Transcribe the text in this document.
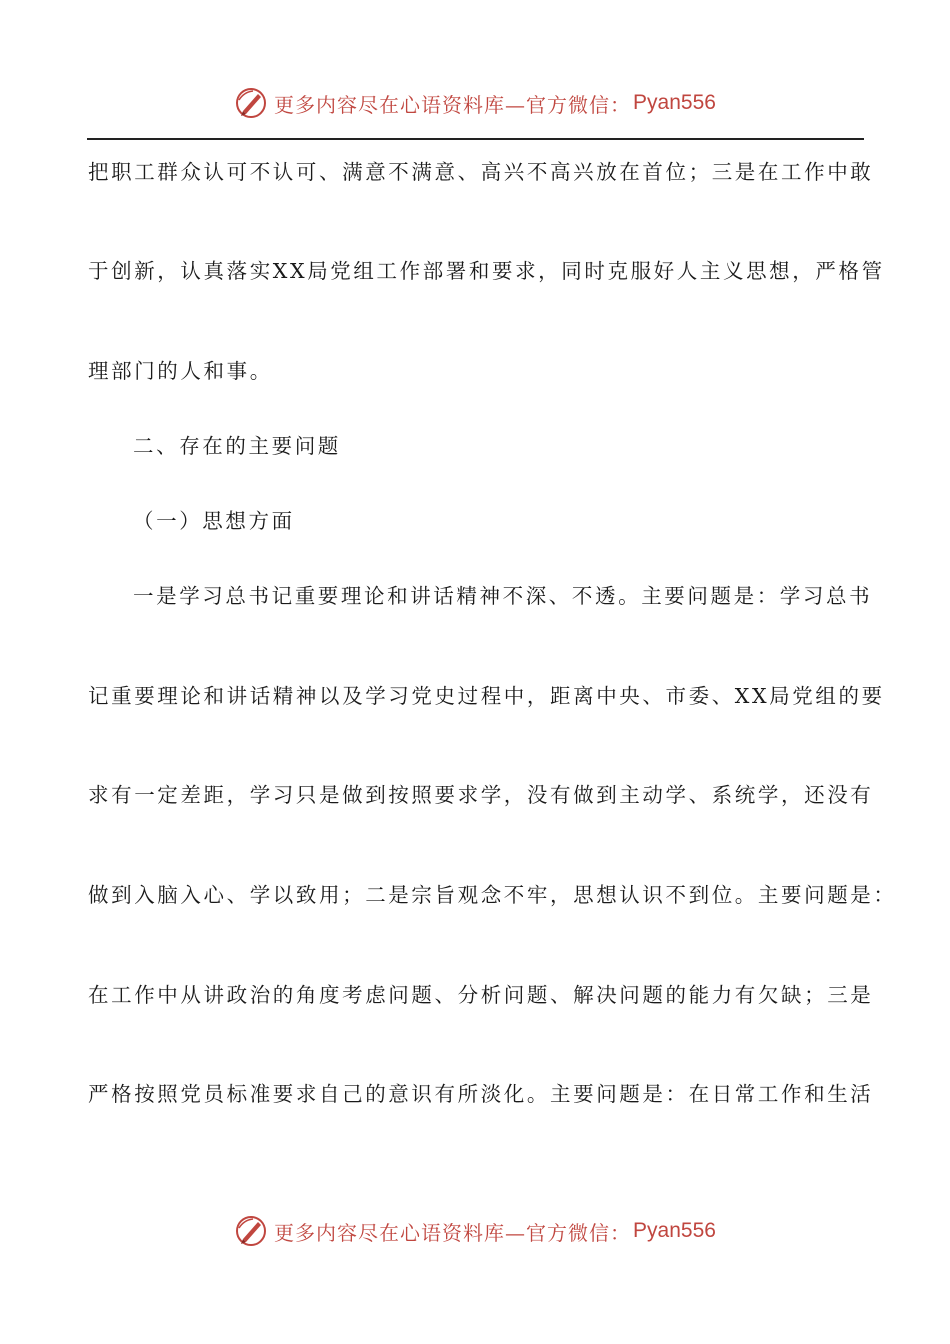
更多内容尽在心语资料库—官方微信： Pyan556
把职工群众认可不认可、满意不满意、高兴不高兴放在首位；三是在工作中敢
于创新，认真落实XX局党组工作部署和要求，同时克服好人主义思想，严格管
理部门的人和事。
二、存在的主要问题
（一）思想方面
一是学习总书记重要理论和讲话精神不深、不透。主要问题是：学习总书
记重要理论和讲话精神以及学习党史过程中，距离中央、市委、XX局党组的要
求有一定差距，学习只是做到按照要求学，没有做到主动学、系统学，还没有
做到入脑入心、学以致用；二是宗旨观念不牢，思想认识不到位。主要问题是：
在工作中从讲政治的角度考虑问题、分析问题、解决问题的能力有欠缺；三是
严格按照党员标准要求自己的意识有所淡化。主要问题是：在日常工作和生活
更多内容尽在心语资料库—官方微信： Pyan556
